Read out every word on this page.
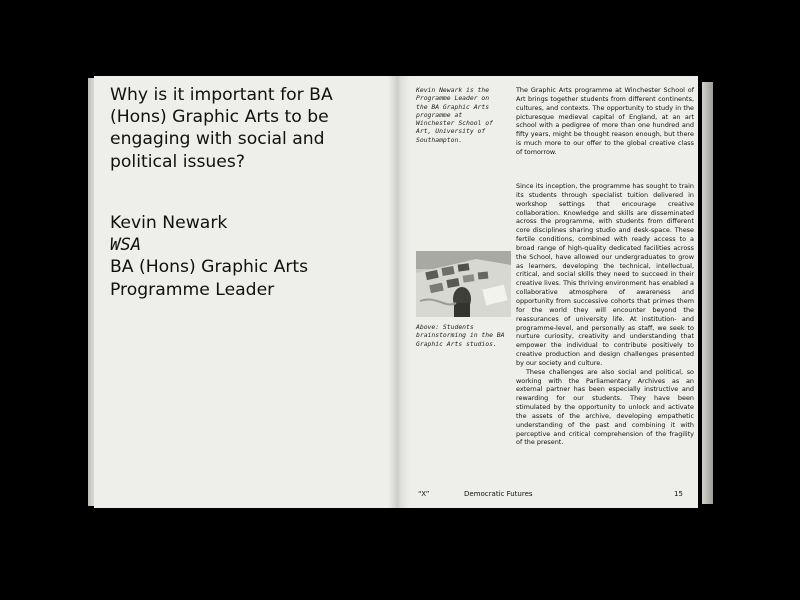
Why is it important for BA (Hons) Graphic Arts to be engaging with social and political issues?

Kevin Newark
WSA
BA (Hons) Graphic Arts
Programme Leader
Kevin Newark is the Programme Leader on the BA Graphic Arts programme at Winchester School of Art, University of Southampton.
Above: Students brainstorming in the BA Graphic Arts studios.

The Graphic Arts programme at Winchester School of Art brings together students from different continents, cultures, and contexts. The opportunity to study in the picturesque medieval capital of England, at an art school with a pedigree of more than one hundred and fifty years, might be thought reason enough, but there is much more to our offer to the global creative class of tomorrow.

Since its inception, the programme has sought to train its students through specialist tuition delivered in workshop settings that encourage creative collaboration. Knowledge and skills are disseminated across the programme, with students from different core disciplines sharing studio and desk-space. These fertile conditions, combined with ready access to a broad range of high-quality dedicated facilities across the School, have allowed our undergraduates to grow as learners, developing the technical, intellectual, critical, and social skills they need to succeed in their creative lives. This thriving environment has enabled a collaborative atmosphere of awareness and opportunity from successive cohorts that primes them for the world they will encounter beyond the reassurances of university life. At institution- and programme-level, and personally as staff, we seek to nurture curiosity, creativity and understanding that empower the individual to contribute positively to creative production and design challenges presented by our society and culture.

These challenges are also social and political, so working with the Parliamentary Archives as an external partner has been especially instructive and rewarding for our students. They have been stimulated by the opportunity to unlock and activate the assets of the archive, developing empathetic understanding of the past and combining it with perceptive and critical comprehension of the fragility of the present.

“X”	Democratic Futures	15
